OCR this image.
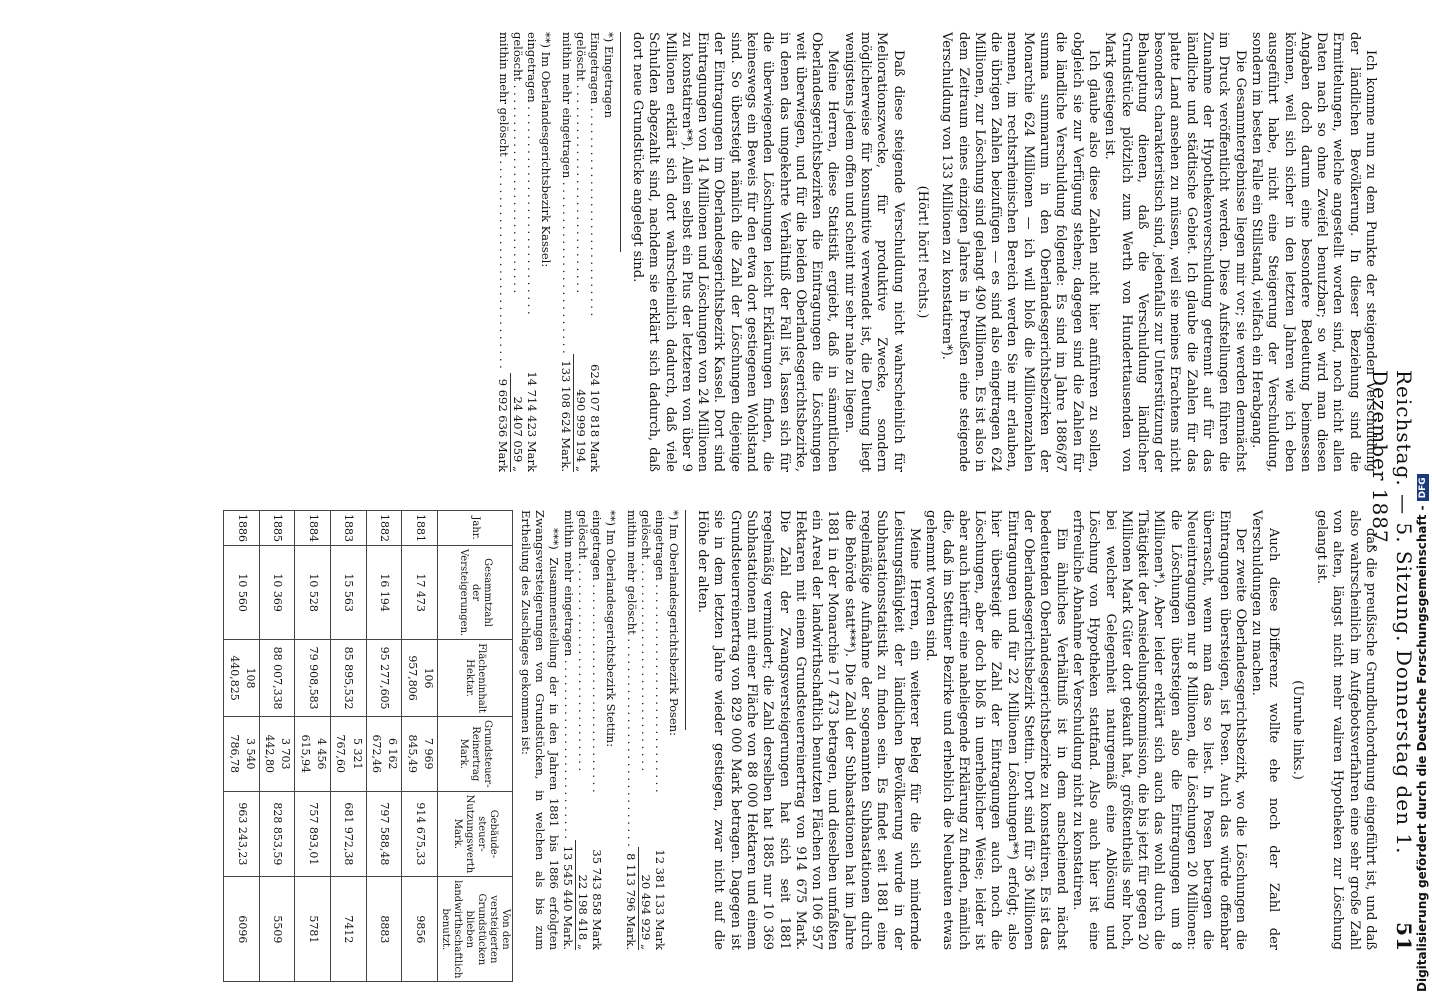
Reichstag. — 5. Sitzung. Donnerstag den 1. Dezember 1887.
51

Ich komme nun zu dem Punkte der steigenden Verschuldung der ländlichen Bevölkerung. In dieser Beziehung sind die Ermittelungen, welche angestellt worden sind, noch nicht allen Daten nach so ohne Zweifel benutzbar; so wird man diesen Angaben doch darum eine besondere Bedeutung beimessen können, weil sich sicher in den letzten Jahren wie ich eben ausgeführt habe, nicht eine Steigerung der Verschuldung, sondern im besten Falle ein Stillstand, vielfach ein Herabgang.

Die Gesammtergebnisse liegen mir vor; sie werden demnächst im Druck veröffentlicht werden. Diese Aufstellungen führen die Zunahme der Hypothekenverschuldung getrennt auf für das ländliche und städtische Gebiet. Ich glaube die Zahlen für das platte Land ansehen zu müssen, weil sie meines Erachtens nicht besonders charakteristisch sind, jedenfalls zur Unterstützung der Behauptung dienen, daß die Verschuldung ländlicher Grundstücke plötzlich zum Werth von Hunderttausenden von Mark gestiegen ist.

Ich glaube also diese Zahlen nicht hier anführen zu sollen, obgleich sie zur Verfügung stehen; dagegen sind die Zahlen für die ländliche Verschuldung folgende: Es sind im Jahre 1886/87 summa summarum in den Oberlandesgerichtsbezirken der Monarchie 624 Millionen — ich will bloß die Millionenzahlen nennen, im rechtsrheinischen Bereich werden Sie mir erlauben, die übrigen Zahlen beizufügen — es sind also eingetragen 624 Millionen, zur Löschung sind gelangt 490 Millionen. Es ist also in dem Zeitraum eines einzigen Jahres in Preußen eine steigende Verschuldung von 133 Millionen zu konstatiren*).

(Hört! hört! rechts.)

Daß diese steigende Verschuldung nicht wahrscheinlich für Meliorationszwecke, für produktive Zwecke, sondern möglicherweise für konsumtive verwendet ist, die Deutung liegt wenigstens jedem offen und scheint mir sehr nahe zu liegen.

Meine Herren, diese Statistik ergiebt, daß in sämmtlichen Oberlandesgerichtsbezirken die Eintragungen die Löschungen weit überwiegen, und für die beiden Oberlandesgerichtsbezirke, in denen das umgekehrte Verhältniß der Fall ist, lassen sich für die überwiegenden Löschungen leicht Erklärungen finden, die keineswegs ein Beweis für den etwa dort gestiegenen Wohlstand sind. So übersteigt nämlich die Zahl der Löschungen diejenige der Eintragungen im Oberlandesgerichtsbezirk Kassel. Dort sind Eintragungen von 14 Millionen und Löschungen von 24 Millionen zu konstatiren**). Allein selbst ein Plus der letzteren von über 9 Millionen erklärt sich dort wahrscheinlich dadurch, daß viele Schulden abgezahlt sind, nachdem sie erklärt sich dadurch, daß dort neue Grundstücke angelegt sind.

*) Eingetragen
Eingetragen . . .
624 107 818 Mark
gelöscht . . .
490 999 194 „
mithin mehr eingetragen . . .
133 108 624 Mark.
**) Im Oberlandesgerichtsbezirk Kassel:
eingetragen . . .
14 714 423 Mark
gelöscht . . .
24 407 059 „
mithin mehr gelöscht . . .
9 692 636 Mark

daß die preußische Grundbuchordnung eingeführt ist, und daß also wahrscheinlich im Aufgebotsverfahren eine sehr große Zahl von alten, längst nicht mehr valiren Hypotheken zur Löschung gelangt ist.

(Unruhe links.)

Auch diese Differenz wollte ehe noch der Zahl der Verschuldungen zu machen.

Der zweite Oberlandesgerichtsbezirk, wo die Löschungen die Eintragungen übersteigen, ist Posen. Auch das würde offenbar überrascht, wenn man das so liest. In Posen betragen die Neueintragungen nur 8 Millionen, die Löschungen 20 Millionen: die Löschungen übersteigen also die Eintragungen um 8 Millionen*). Aber leider erklärt sich auch das wohl durch die Thätigkeit der Ansiedelungskommission, die bis jetzt für gegen 20 Millionen Mark Güter dort gekauft hat, größtentheils sehr hoch, bei welcher Gelegenheit naturgemäß eine Ablösung und Löschung von Hypotheken stattfand. Also auch hier ist eine erfreuliche Abnahme der Verschuldung nicht zu konstatiren.

Ein ähnliches Verhältniß ist in dem anscheinend nächst bedeutenden Oberlandesgerichtsbezirke zu konstatiren. Es ist das der Oberlandesgerichtsbezirk Stettin. Dort sind für 36 Millionen Eintragungen und für 22 Millionen Löschungen**) erfolgt; also hier übersteigt die Zahl der Eintragungen auch noch die Löschungen, aber doch bloß in unerheblicher Weise; leider ist aber auch hierfür eine naheliegende Erklärung zu finden, nämlich die, daß im Stettiner Bezirke und erheblich die Neubauten etwas gehemmt worden sind.

Meine Herren, ein weiterer Beleg für die sich mindernde Leistungsfähigkeit der ländlichen Bevölkerung wurde in der Subhastationsstatistik zu finden sein. Es findet seit 1881 eine regelmäßige Aufnahme der sogenannten Subhastationen durch die Behörde statt***). Die Zahl der Subhastationen hat im Jahre 1881 in der Monarchie 17 473 betragen, und dieselben umfaßten ein Areal der landwirthschaftlich benutzten Flächen von 106 957 Hektaren mit einem Grundsteuerreinertrag von 914 675 Mark. Die Zahl der Zwangsversteigerungen hat sich seit 1881 regelmäßig vermindert; die Zahl derselben hat 1885 nur 10 369 Subhastationen mit einer Fläche von 88 000 Hektaren und einem Grundsteuerreinertrag von 829 000 Mark betragen. Dagegen ist sie in dem letzten Jahre wieder gestiegen, zwar nicht auf die Höhe der alten.

*) Im Oberlandesgerichtsbezirk Posen:
eingetragen . . .
12 381 133 Mark
gelöscht . . .
20 494 929 „
mithin mehr gelöscht . . .
8 113 796 Mark.
**) Im Oberlandesgerichtsbezirk Stettin:
eingetragen . . .
35 743 858 Mark
gelöscht . . .
22 198 418 „
mithin mehr eingetragen . . .
13 545 440 Mark.

***) Zusammenstellung der in den Jahren 1881 bis 1886 erfolgten Zwangsversteigerungen von Grundstücken, in welchen als bis zum Ertheilung des Zuschlages gekommen ist:

Jahr.	Gesammtzahl der Versteigerungen.	Flächeninhalt Hektar.	Grundsteuer-Reinertrag Mark.	Gebäude-steuer-Nutzungswerth Mark.	Von den versteigerten Grundstücken blieben landwirthschaftlich benutzt.
1881	17 473	106 957,806	7 969 845,49	914 675,33	9856
1882	16 194	95 277,605	6 162 672,46	797 588,48	8883
1883	15 563	85 895,532	5 321 767,60	681 972,38	7412
1884	10 528	79 908,583	4 456 615,94	757 893,01	5781
1885	10 369	88 007,338	3 703 442,80	828 853,59	5509
1886	10 560	108 440,825	3 540 786,78	963 243,23	6096	Digitalisierung gefördert durch die Deutsche Forschungsgemeinschaft -DFG
